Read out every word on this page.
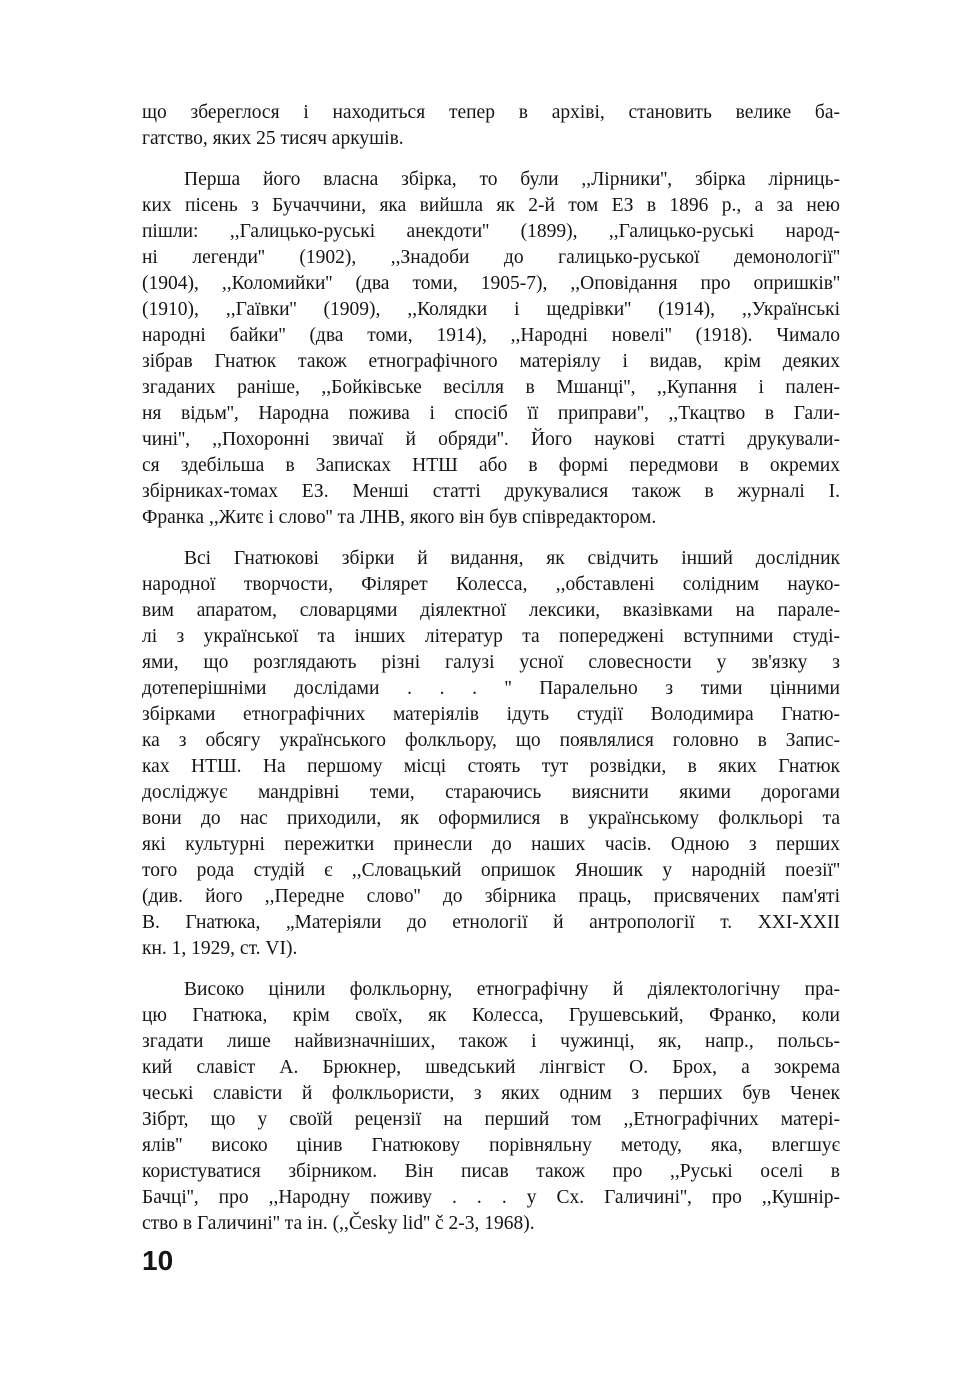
що збереглося і находиться тепер в архіві, становить велике ба-
гатство, яких 25 тисяч аркушів.
Перша його власна збірка, то були ,,Лірники'', збірка лірниць-
ких пісень з Бучаччини, яка вийшла як 2-й том ЕЗ в 1896 р., а за нею
пішли: ,,Галицько-руські анекдоти'' (1899), ,,Галицько-руські народ-
ні легенди'' (1902), ,,Знадоби до галицько-руської демонології''
(1904), ,,Коломийки'' (два томи, 1905-7), ,,Оповідання про опришків''
(1910), ,,Гаївки'' (1909), ,,Колядки і щедрівки'' (1914), ,,Українські
народні байки'' (два томи, 1914), ,,Народні новелі'' (1918). Чимало
зібрав Гнатюк також етнографічного матеріялу і видав, крім деяких
згаданих раніше, ,,Бойківське весілля в Мшанці'', ,,Купання і пален-
ня відьм'', Народна пожива і спосіб її приправи'', ,,Ткацтво в Гали-
чині'', ,,Похоронні звичаї й обряди''. Його наукові статті друкували-
ся здебільша в Записках НТШ або в формі передмови в окремих
збірниках-томах ЕЗ. Менші статті друкувалися також в журналі І.
Франка ,,Житє і слово'' та ЛНВ, якого він був співредактором.
Всі Гнатюкові збірки й видання, як свідчить інший дослідник
народної творчости, Філярет Колесса, ,,обставлені солідним науко-
вим апаратом, словарцями діялектної лексики, вказівками на парале-
лі з української та інших літератур та попереджені вступними студі-
ями, що розглядають різні галузі усної словесности у зв'язку з
дотеперішніми дослідами . . . '' Паралельно з тими цінними
збірками етнографічних матеріялів ідуть студії Володимира Гнатю-
ка з обсягу українського фолкльору, що появлялися головно в Запис-
ках НТШ. На першому місці стоять тут розвідки, в яких Гнатюк
досліджує мандрівні теми, стараючись вияснити якими дорогами
вони до нас приходили, як оформилися в українському фолкльорі та
які культурні пережитки принесли до наших часів. Одною з перших
того рода студій є ,,Словацький опришок Яношик у народній поезії''
(див. його ,,Передне слово'' до збірника праць, присвячених пам'яті
В. Гнатюка, „Матеріяли до етнології й антропології т. XXI-XXII
кн. 1, 1929, ст. VI).
Високо цінили фолкльорну, етнографічну й діялектологічну пра-
цю Гнатюка, крім своїх, як Колесса, Грушевський, Франко, коли
згадати лише найвизначніших, також і чужинці, як, напр., польсь-
кий славіст А. Брюкнер, шведський лінгвіст О. Брох, а зокрема
чеські славісти й фолкльористи, з яких одним з перших був Ченек
Зібрт, що у своїй рецензії на перший том ,,Етнографічних матері-
ялів'' високо цінив Гнатюкову порівняльну методу, яка, влегшує
користуватися збірником. Він писав також про ,,Руські оселі в
Бачці'', про ,,Народну поживу . . . у Сх. Галичині'', про ,,Кушнір-
ство в Галичині'' та ін. (,,Česky lid'' č 2-3, 1968).
10
